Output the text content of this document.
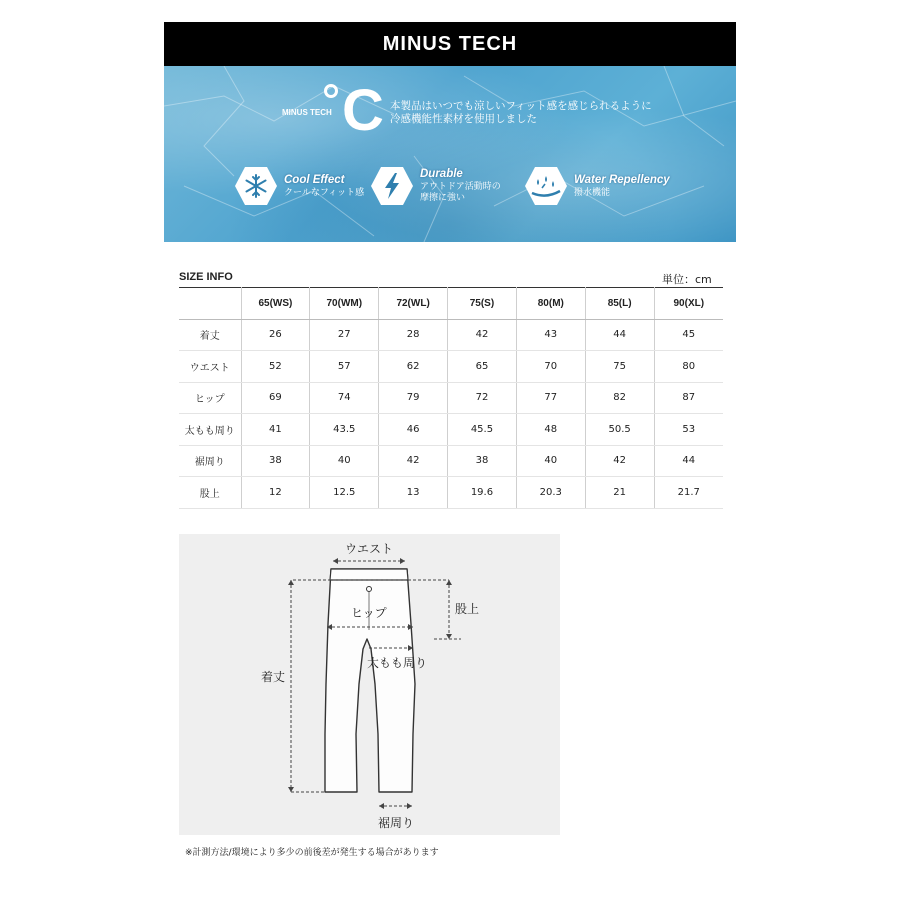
MINUS TECH
MINUS TECH C 本製品はいつでも涼しいフィット感を感じられるように
冷感機能性素材を使用しました
Cool Effect
クールなフィット感
Durable
アウトドア活動時の
摩擦に強い
Water Repellency
撥水機能
SIZE INFO	単位：cm
	65(WS)	70(WM)	72(WL)	75(S)	80(M)	85(L)	90(XL)
着丈	26	27	28	42	43	44	45
ウエスト	52	57	62	65	70	75	80
ヒップ	69	74	79	72	77	82	87
太もも周り	41	43.5	46	45.5	48	50.5	53
裾周り	38	40	42	38	40	42	44
股上	12	12.5	13	19.6	20.3	21	21.7
ウエスト
ヒップ	股上
太もも周り
着丈
裾周り
※計測方法/環境により多少の前後差が発生する場合があります
